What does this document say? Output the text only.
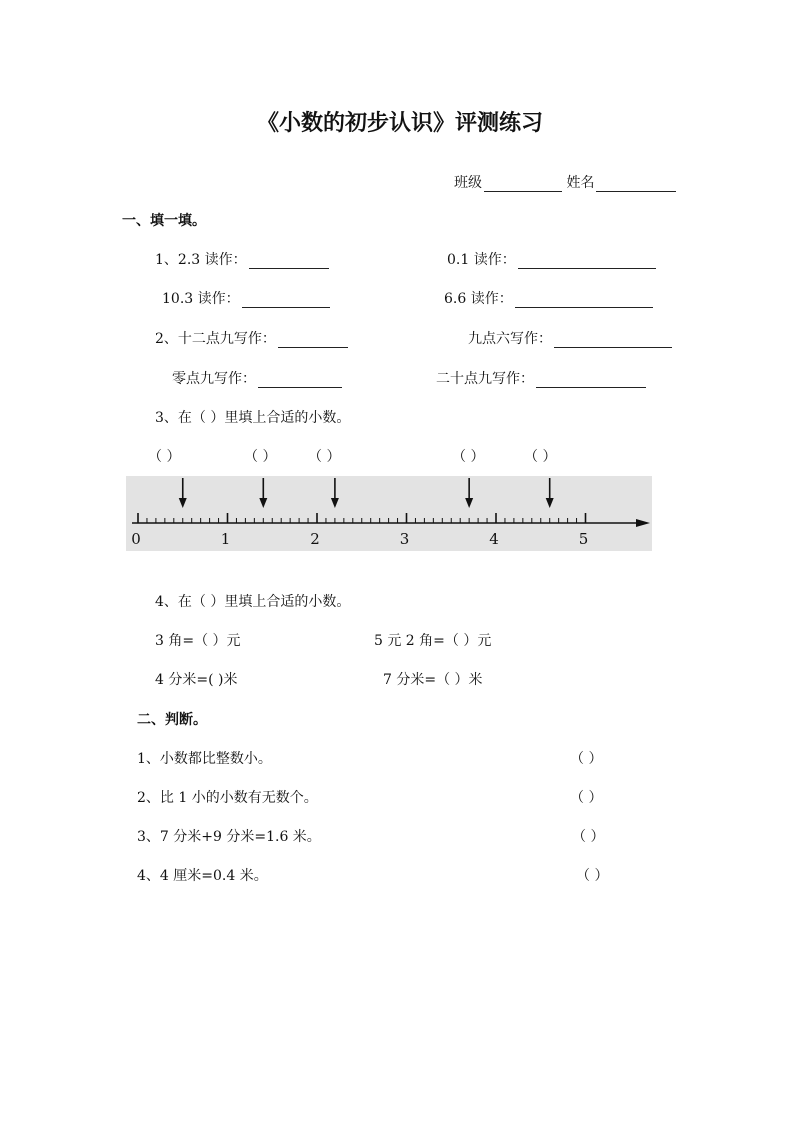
《小数的初步认识》评测练习
班级	姓名
一、填一填。
1、2.3 读作：	0.1 读作：
10.3 读作：	6.6 读作：
2、十二点九写作：	九点六写作：
零点九写作：	二十点九写作：
3、在（ ）里填上合适的小数。
（ ）	（ ） （ ）	（ ）	（ ）
0	1	2	3	4	5
4、在（ ）里填上合适的小数。
3 角=（ ）元	5 元 2 角=（ ）元
4 分米=( )米	7 分米=（ ）米
二、判断。
1、小数都比整数小。	（ ）
2、比 1 小的小数有无数个。	（ ）
3、7 分米+9 分米=1.6 米。	（ ）
4、4 厘米=0.4 米。	（ ）
